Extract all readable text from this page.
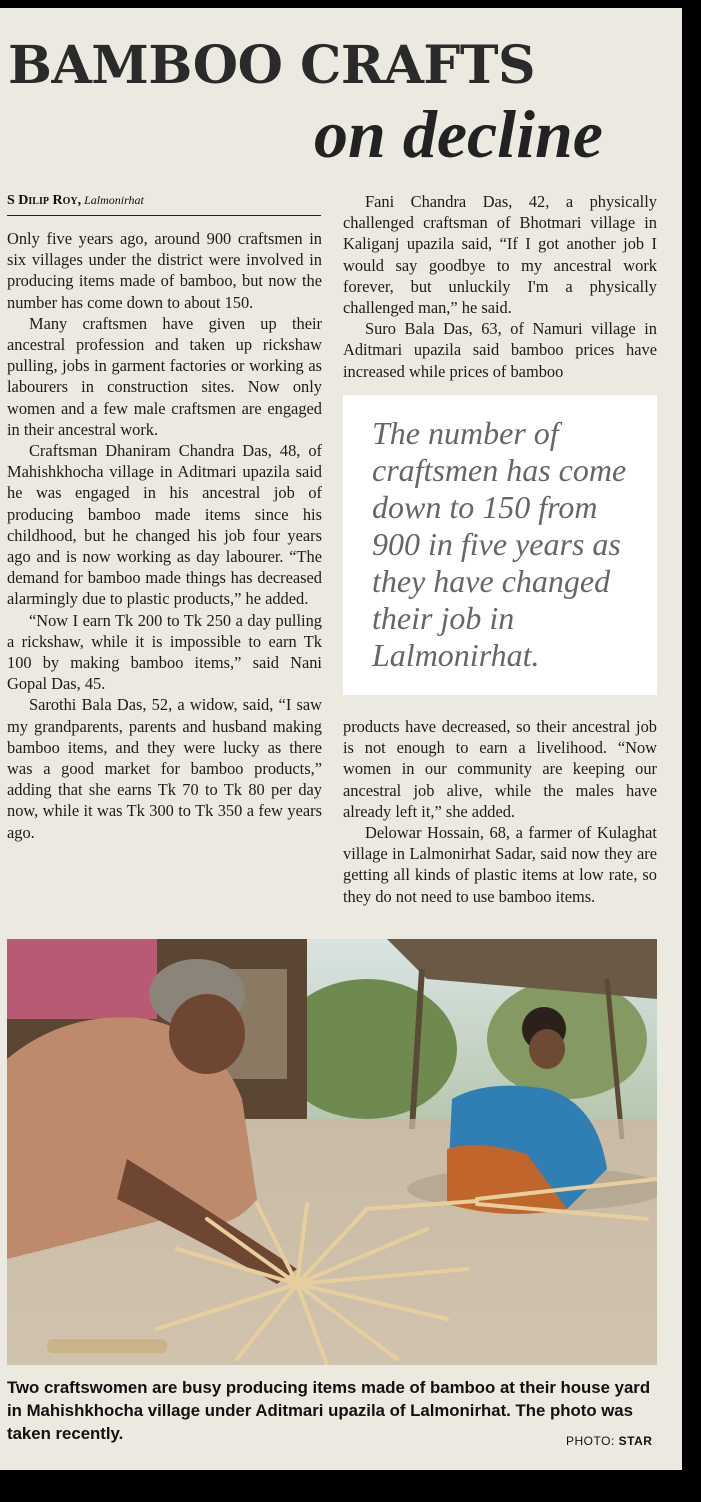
BAMBOO CRAFTS
on decline
S Dilip Roy, Lalmonirhat

Only five years ago, around 900 craftsmen in six villages under the district were involved in producing items made of bamboo, but now the number has come down to about 150.

Many craftsmen have given up their ancestral profession and taken up rickshaw pulling, jobs in garment factories or working as labourers in construction sites. Now only women and a few male craftsmen are engaged in their ancestral work.

Craftsman Dhaniram Chandra Das, 48, of Mahishkhocha village in Aditmari upazila said he was engaged in his ancestral job of producing bamboo made items since his childhood, but he changed his job four years ago and is now working as day labourer. “The demand for bamboo made things has decreased alarmingly due to plastic products,” he added.

“Now I earn Tk 200 to Tk 250 a day pulling a rickshaw, while it is impossible to earn Tk 100 by making bamboo items,” said Nani Gopal Das, 45.

Sarothi Bala Das, 52, a widow, said, “I saw my grandparents, parents and husband making bamboo items, and they were lucky as there was a good market for bamboo products,” adding that she earns Tk 70 to Tk 80 per day now, while it was Tk 300 to Tk 350 a few years ago.

Fani Chandra Das, 42, a physically challenged craftsman of Bhotmari village in Kaliganj upazila said, “If I got another job I would say goodbye to my ancestral work forever, but unluckily I'm a physically challenged man,” he said.

Suro Bala Das, 63, of Namuri village in Aditmari upazila said bamboo prices have increased while prices of bamboo

The number of craftsmen has come down to 150 from 900 in five years as they have changed their job in Lalmonirhat.

products have decreased, so their ancestral job is not enough to earn a livelihood. “Now women in our community are keeping our ancestral job alive, while the males have already left it,” she added.

Delowar Hossain, 68, a farmer of Kulaghat village in Lalmonirhat Sadar, said now they are getting all kinds of plastic items at low rate, so they do not need to use bamboo items.

Two craftswomen are busy producing items made of bamboo at their house yard in Mahishkhocha village under Aditmari upazila of Lalmonirhat. The photo was taken recently.	PHOTO: STAR
